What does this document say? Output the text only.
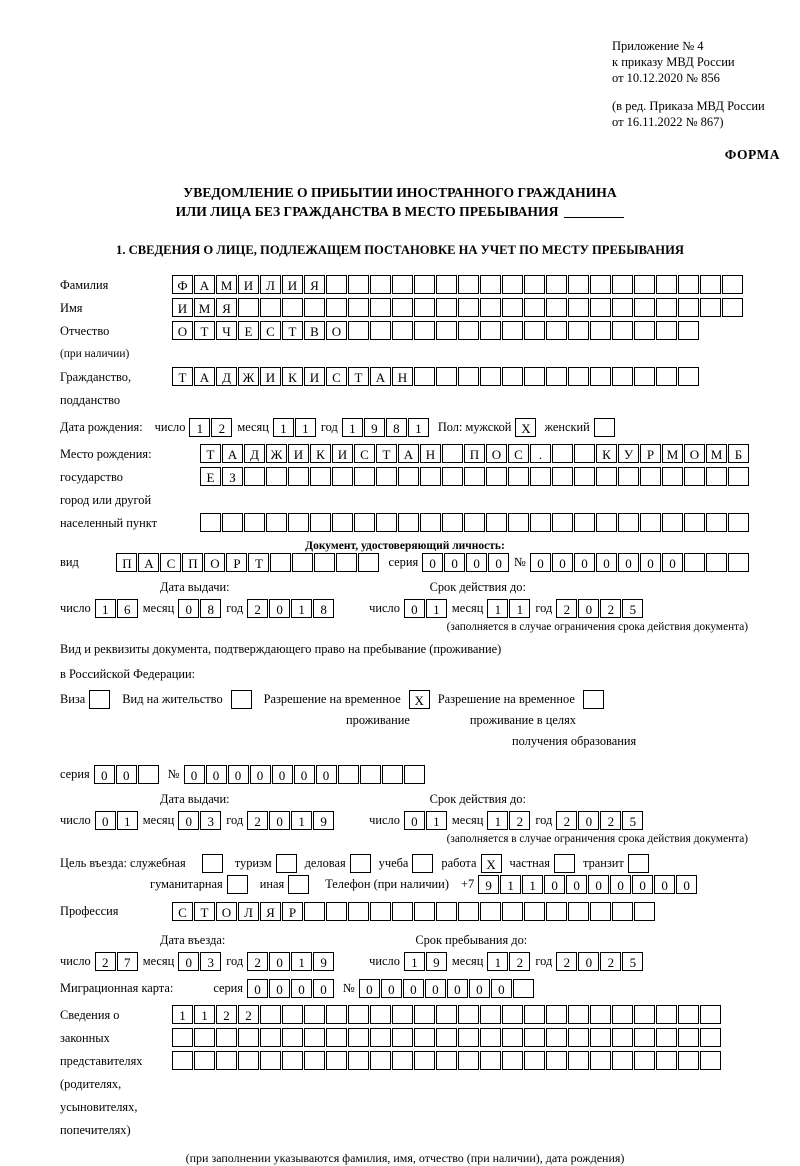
Приложение № 4
к приказу МВД России
от 10.12.2020 № 856
(в ред. Приказа МВД России
от 16.11.2022 № 867)
ФОРМА
УВЕДОМЛЕНИЕ О ПРИБЫТИИ ИНОСТРАННОГО ГРАЖДАНИНА
ИЛИ ЛИЦА БЕЗ ГРАЖДАНСТВА В МЕСТО ПРЕБЫВАНИЯ
1. СВЕДЕНИЯ О ЛИЦЕ, ПОДЛЕЖАЩЕМ ПОСТАНОВКЕ НА УЧЕТ ПО МЕСТУ ПРЕБЫВАНИЯ
Фамилия	Ф А М И Л И Я
Имя	И М Я
Отчество	О	Т	Ч	Е	С	Т	В О
(при наличии)
Гражданство,	Т	А Д Ж И К И С	Т	А Н
подданство
Дата рождения: число 1	2 месяц 1	1 год 1	9	8	1	Пол: мужской X	женский
Место рождения:	Т	А Д Ж И К И С	Т	А Н	П О С	.	К	У	Р М О М Б
государство	Е	З
город или другой
населенный пункт
Документ, удостоверяющий личность:
вид	П А С П О	Р	Т	серия 0	0	0	0 № 0	0	0	0	0	0	0
Дата выдачи:	Срок действия до:
число 1	6 месяц 0	8 год 2	0	1	8	число 0	1 месяц 1	1 год 2	0	2	5
(заполняется в случае ограничения срока действия документа)
Вид и реквизиты документа, подтверждающего право на пребывание (проживание)
в Российской Федерации:
Виза	Вид на жительство	Разрешение на временное	X	Разрешение на временное
проживание	проживание в целях
получения образования
серия 0	0	№ 0	0	0	0	0	0	0
Дата выдачи:	Срок действия до:
число 0	1 месяц 0	3 год 2	0	1	9	число 0	1 месяц 1	2 год 2	0	2	5
(заполняется в случае ограничения срока действия документа)
Цель въезда: служебная	туризм	деловая	учеба	работа X	частная	транзит
гуманитарная	иная	Телефон (при наличии) +7 9	1	1	0	0	0	0	0	0	0
Профессия	С	Т	О Л	Я	Р
Дата въезда:	Срок пребывания до:
число 2	7 месяц 0	3 год 2	0	1	9	число 1	9 месяц 1	2 год 2	0	2	5
Миграционная карта:	серия 0	0	0	0	№ 0	0	0	0	0	0	0
Сведения о	1	1	2	2
законных
представителях
(родителях,
усыновителях,
попечителях)
(при заполнении указываются фамилия, имя, отчество (при наличии), дата рождения)
